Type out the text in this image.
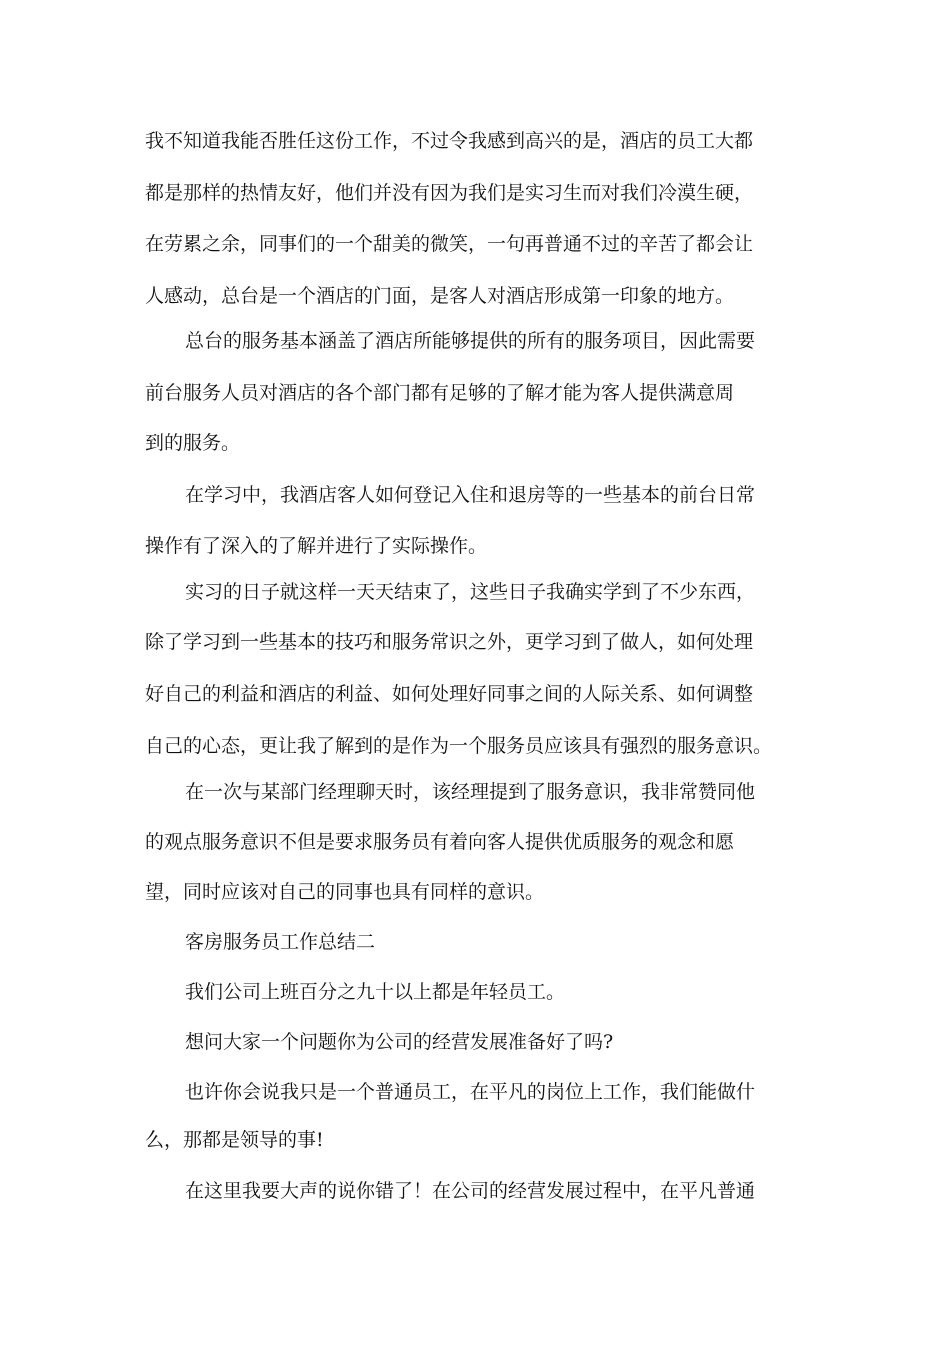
我不知道我能否胜任这份工作，不过令我感到高兴的是，酒店的员工大都

都是那样的热情友好，他们并没有因为我们是实习生而对我们冷漠生硬，

在劳累之余，同事们的一个甜美的微笑，一句再普通不过的辛苦了都会让

人感动，总台是一个酒店的门面，是客人对酒店形成第一印象的地方。

总台的服务基本涵盖了酒店所能够提供的所有的服务项目，因此需要

前台服务人员对酒店的各个部门都有足够的了解才能为客人提供满意周

到的服务。

在学习中，我酒店客人如何登记入住和退房等的一些基本的前台日常

操作有了深入的了解并进行了实际操作。

实习的日子就这样一天天结束了，这些日子我确实学到了不少东西，

除了学习到一些基本的技巧和服务常识之外，更学习到了做人，如何处理

好自己的利益和酒店的利益、如何处理好同事之间的人际关系、如何调整

自己的心态，更让我了解到的是作为一个服务员应该具有强烈的服务意识。

在一次与某部门经理聊天时，该经理提到了服务意识，我非常赞同他

的观点服务意识不但是要求服务员有着向客人提供优质服务的观念和愿

望，同时应该对自己的同事也具有同样的意识。

客房服务员工作总结二

我们公司上班百分之九十以上都是年轻员工。

想问大家一个问题你为公司的经营发展准备好了吗?

也许你会说我只是一个普通员工，在平凡的岗位上工作，我们能做什

么，那都是领导的事!

在这里我要大声的说你错了！在公司的经营发展过程中，在平凡普通
